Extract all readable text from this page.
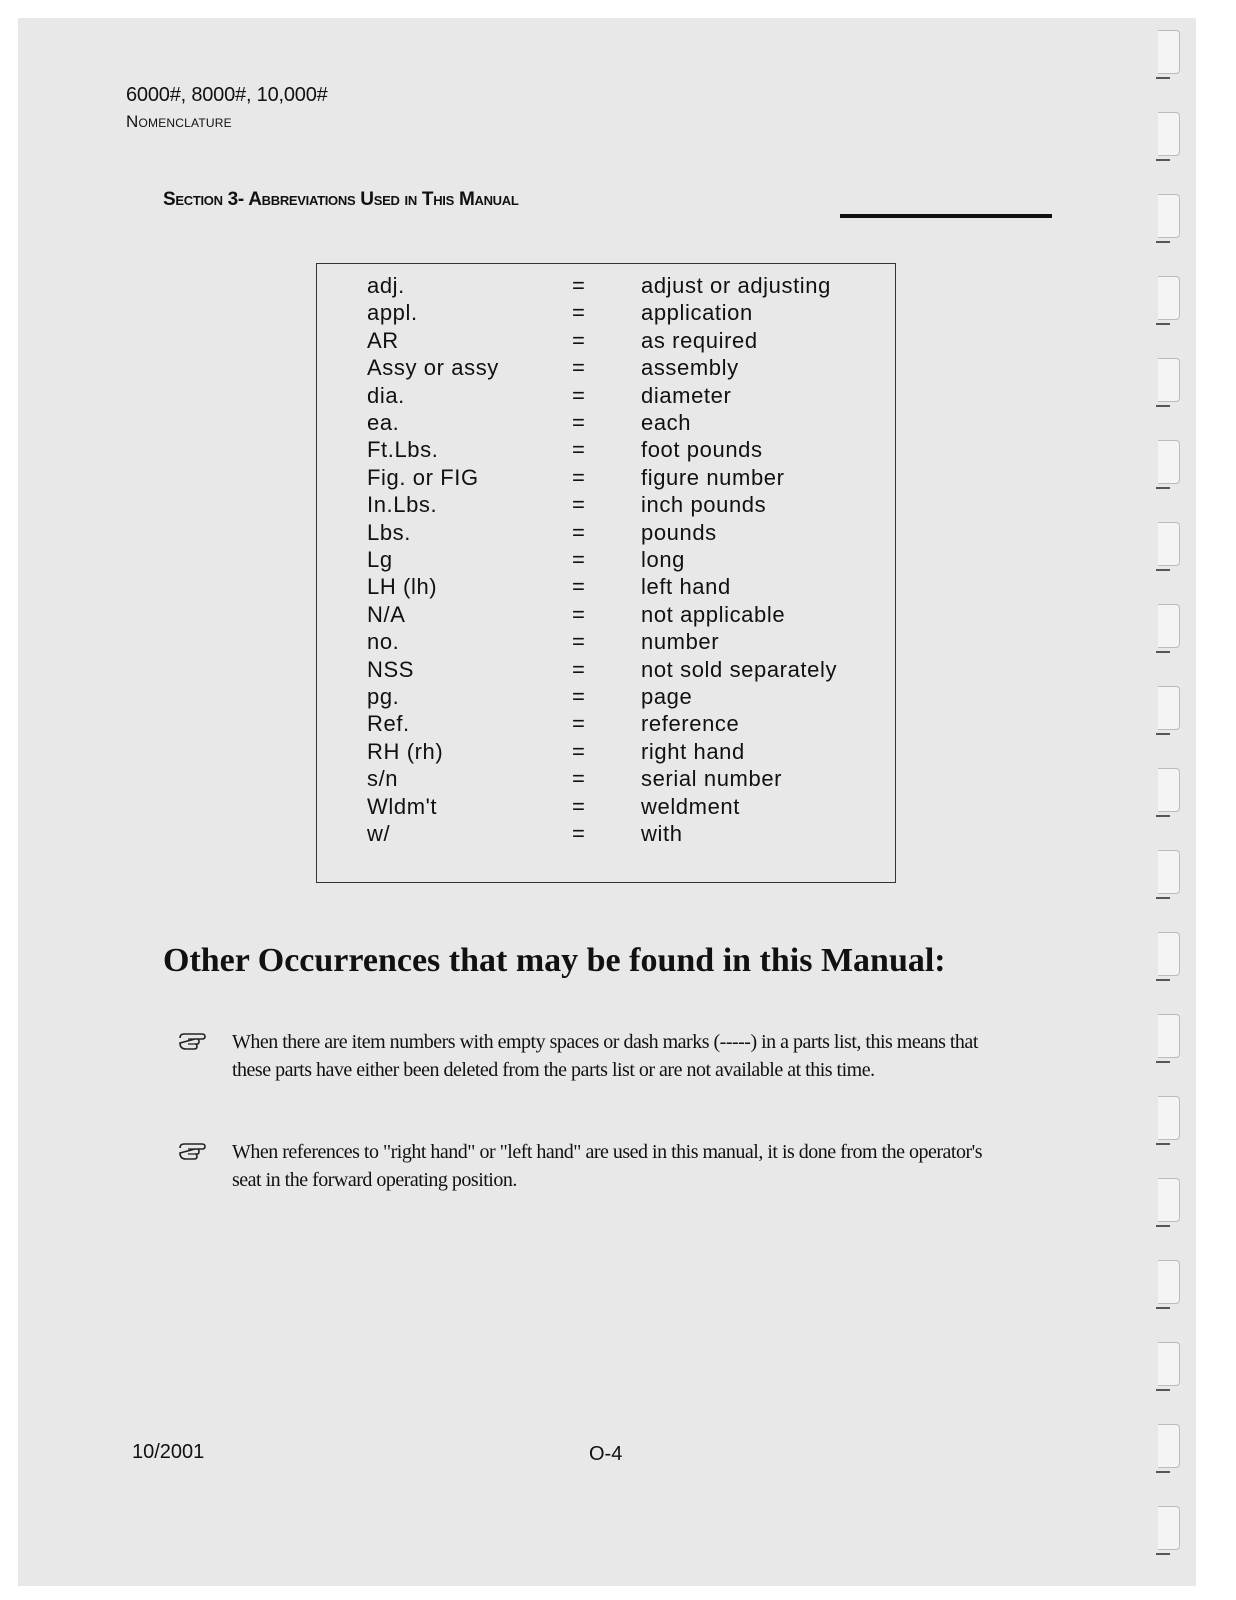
6000#, 8000#, 10,000#
Nomenclature
Section 3- Abbreviations Used in This Manual
adj.	=	adjust or adjusting
appl.	=	application
AR	=	as required
Assy or assy	=	assembly
dia.	=	diameter
ea.	=	each
Ft.Lbs.	=	foot pounds
Fig. or FIG	=	figure number
In.Lbs.	=	inch pounds
Lbs.	=	pounds
Lg	=	long
LH (lh)	=	left hand
N/A	=	not applicable
no.	=	number
NSS	=	not sold separately
pg.	=	page
Ref.	=	reference
RH (rh)	=	right hand
s/n	=	serial number
Wldm't	=	weldment
w/	=	with
Other Occurrences that may be found in this Manual:
When there are item numbers with empty spaces or dash marks (-----) in a parts list, this means that these parts have either been deleted from the parts list or are not available at this time.
When references to "right hand" or "left hand" are used in this manual, it is done from the operator's seat in the forward operating position.
10/2001	O-4
